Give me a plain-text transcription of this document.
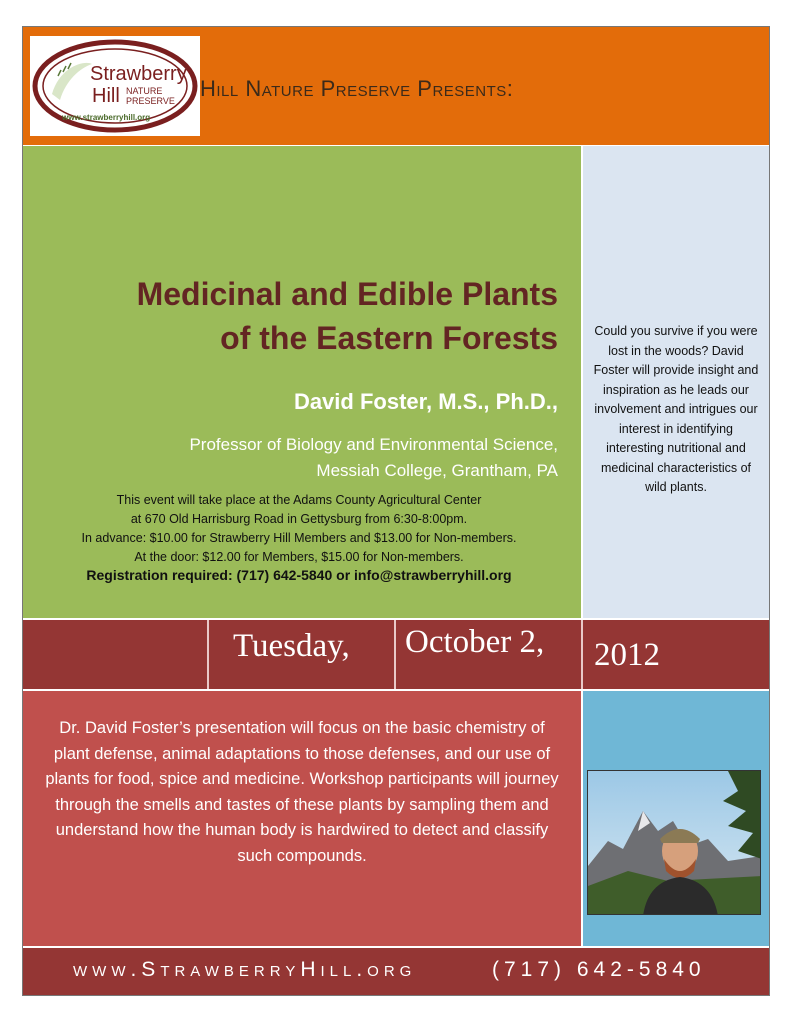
Strawberry
Hill NATURE
PRESERVE
www.strawberryhill.org
Hill Nature Preserve Presents:
Medicinal and Edible Plants
of the Eastern Forests
David Foster, M.S., Ph.D.,
Professor of Biology and Environmental Science,
Messiah College, Grantham, PA
This event will take place at the Adams County Agricultural Center
at 670 Old Harrisburg Road in Gettysburg from 6:30-8:00pm.
In advance: $10.00 for Strawberry Hill Members and $13.00 for Non-members.
At the door: $12.00 for Members, $15.00 for Non-members.
Registration required: (717) 642-5840 or info@strawberryhill.org
Could you survive if you were lost in the woods? David Foster will provide insight and inspiration as he leads our involvement and intrigues our interest in identifying interesting nutritional and medicinal characteristics of wild plants.
Tuesday, October 2, 2012
Dr. David Foster’s presentation will focus on the basic chemistry of plant defense, animal adaptations to those defenses, and our use of plants for food, spice and medicine. Workshop participants will journey through the smells and tastes of these plants by sampling them and understand how the human body is hardwired to detect and classify such compounds.
www.StrawberryHill.org	(717) 642-5840
